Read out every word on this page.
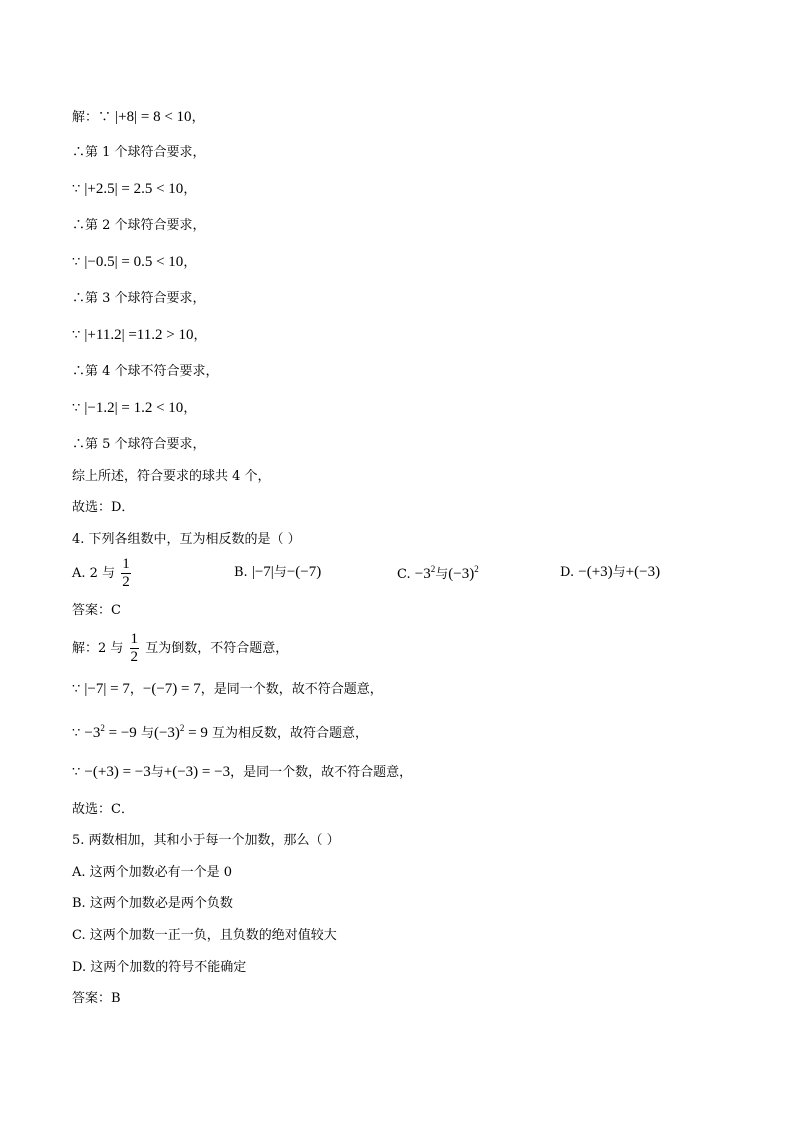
解：∵ |+8| = 8 < 10，
∴第 1 个球符合要求，
∵ |+2.5| = 2.5 < 10，
∴第 2 个球符合要求，
∵ |−0.5| = 0.5 < 10，
∴第 3 个球符合要求，
∵ |+11.2| =11.2 > 10，
∴第 4 个球不符合要求，
∵ |−1.2| = 1.2 < 10，
∴第 5 个球符合要求，
综上所述，符合要求的球共 4 个，
故选：D．
4. 下列各组数中，互为相反数的是（ ）
A. 2 与 $\frac{1}{2}$	B. |−7|与−(−7)	C. $-3^2$与$(-3)^2$	D. −(+3)与+(−3)
答案：C
解：2 与 $\frac{1}{2}$ 互为倒数，不符合题意，
∵ |−7| = 7，−(−7) = 7，是同一个数，故不符合题意，
∵ $-3^2 = -9$ 与$(-3)^2 = 9$ 互为相反数，故符合题意，
∵ −(+3) = −3与+(−3) = −3，是同一个数，故不符合题意，
故选：C．
5. 两数相加，其和小于每一个加数，那么（ ）
A. 这两个加数必有一个是 0
B. 这两个加数必是两个负数
C. 这两个加数一正一负，且负数的绝对值较大
D. 这两个加数的符号不能确定
答案：B
